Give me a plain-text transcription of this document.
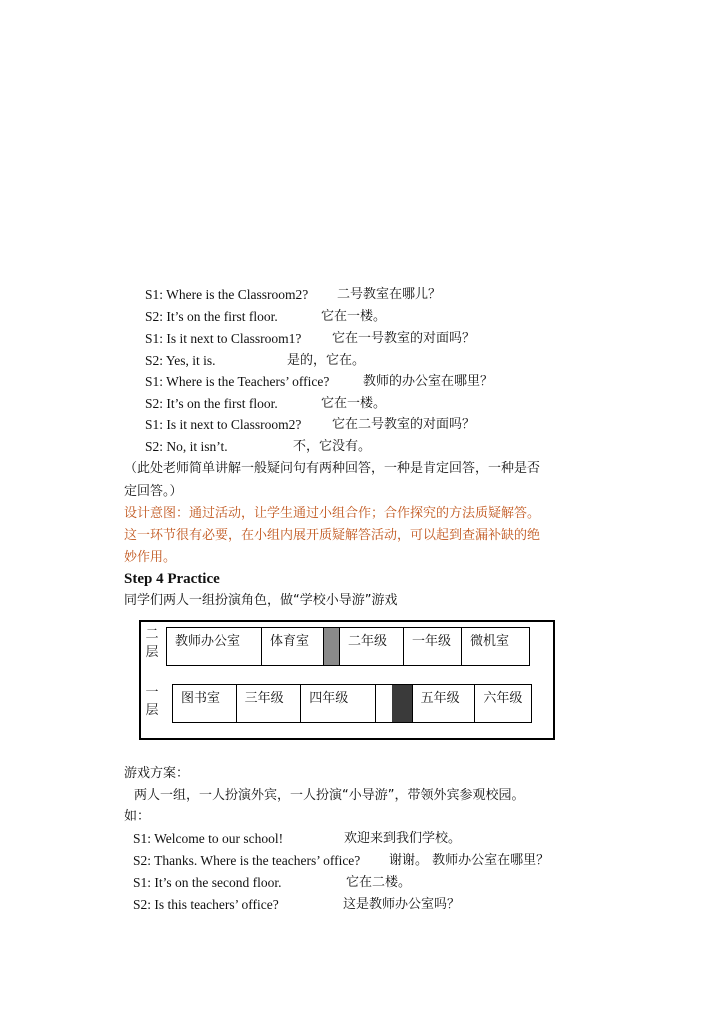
S1: Where is the Classroom2? 二号教室在哪儿？
S2: It’s on the first floor.	它在一楼。
S1: Is it next to Classroom1? 它在一号教室的对面吗？
S2: Yes, it is.	是的，它在。
S1: Where is the Teachers’ office?	教师的办公室在哪里？
S2: It’s on the first floor.	它在一楼。
S1: Is it next to Classroom2? 它在二号教室的对面吗？
S2: No, it isn’t.	不，它没有。
（此处老师简单讲解一般疑问句有两种回答，一种是肯定回答，一种是否
定回答。）
设计意图：通过活动，让学生通过小组合作；合作探究的方法质疑解答。
这一环节很有必要，在小组内展开质疑解答活动，可以起到查漏补缺的绝
妙作用。
Step 4 Practice
同学们两人一组扮演角色，做“学校小导游”游戏
二层
教师办公室	体育室	二年级	一年级	微机室
一层
图书室	三年级	四年级	五年级	六年级
游戏方案：
两人一组，一人扮演外宾，一人扮演“小导游”，带领外宾参观校园。
如：
S1: Welcome to our school!	欢迎来到我们学校。
S2: Thanks. Where is the teachers’ office? 谢谢。 教师办公室在哪里？
S1: It’s on the second floor.	它在二楼。
S2: Is this teachers’ office?	这是教师办公室吗？
